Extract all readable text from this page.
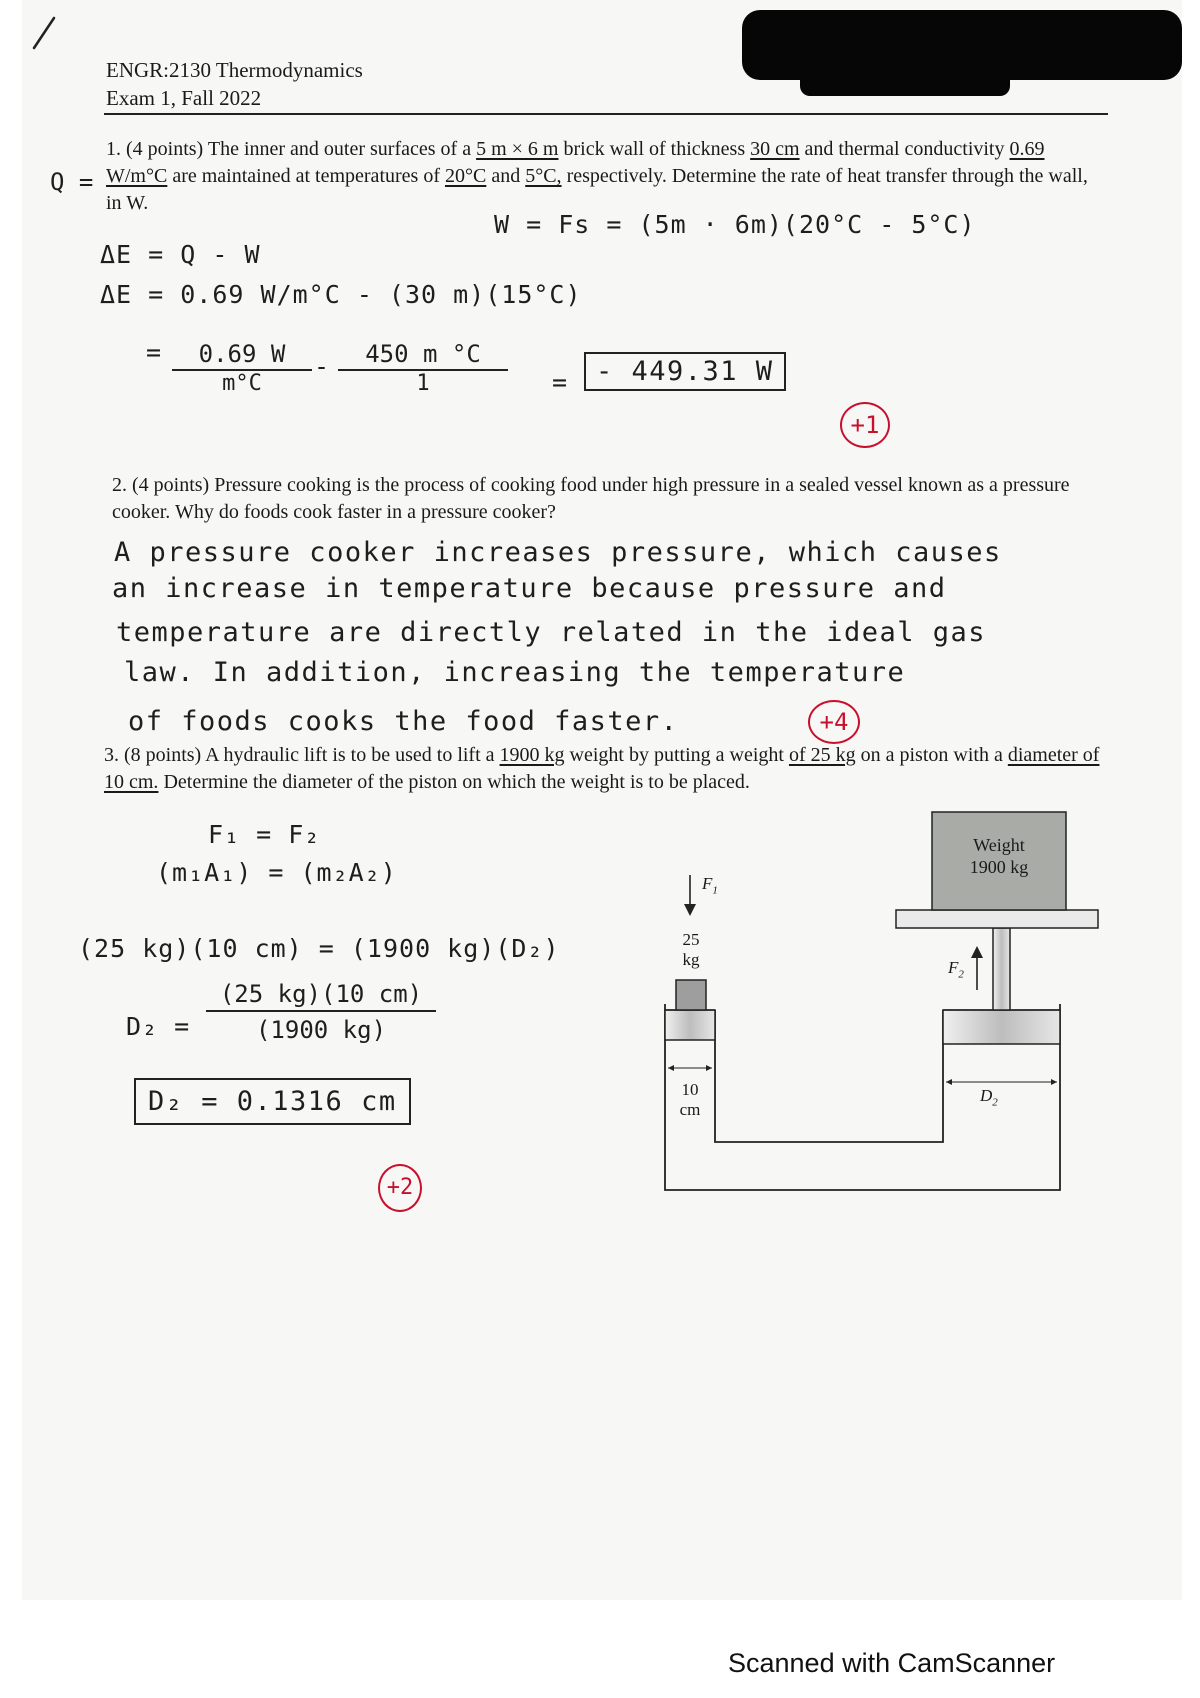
ENGR:2130 Thermodynamics
Exam 1, Fall 2022
Q =
1. (4 points) The inner and outer surfaces of a 5 m × 6 m brick wall of thickness 30 cm and thermal conductivity 0.69 W/m°C are maintained at temperatures of 20°C and 5°C, respectively. Determine the rate of heat transfer through the wall, in W.
W = Fs = (5m · 6m)(20°C - 5°C)
ΔE = Q - W
ΔE = 0.69 W/m°C - (30 m)(15°C)
=	0.69 W
m°C
-	450 m °C
1	=	- 449.31 W
+1
2. (4 points) Pressure cooking is the process of cooking food under high pressure in a sealed vessel known as a pressure cooker. Why do foods cook faster in a pressure cooker?
A pressure cooker increases pressure, which causes
an increase in temperature because pressure and
temperature are directly related in the ideal gas
law. In addition, increasing the temperature
of foods cooks the food faster.	+4
3. (8 points) A hydraulic lift is to be used to lift a 1900 kg weight by putting a weight of 25 kg on a piston with a diameter of 10 cm. Determine the diameter of the piston on which the weight is to be placed.
F₁ = F₂
(m₁A₁) = (m₂A₂)
(25 kg)(10 cm) = (1900 kg)(D₂)
D₂ =
(25 kg)(10 cm)
(1900 kg)
D₂ = 0.1316 cm
+2
$F_1$
25
kg
10
cm
Weight
1900 kg
$F_2$
$D_2$
Scanned with CamScanner
